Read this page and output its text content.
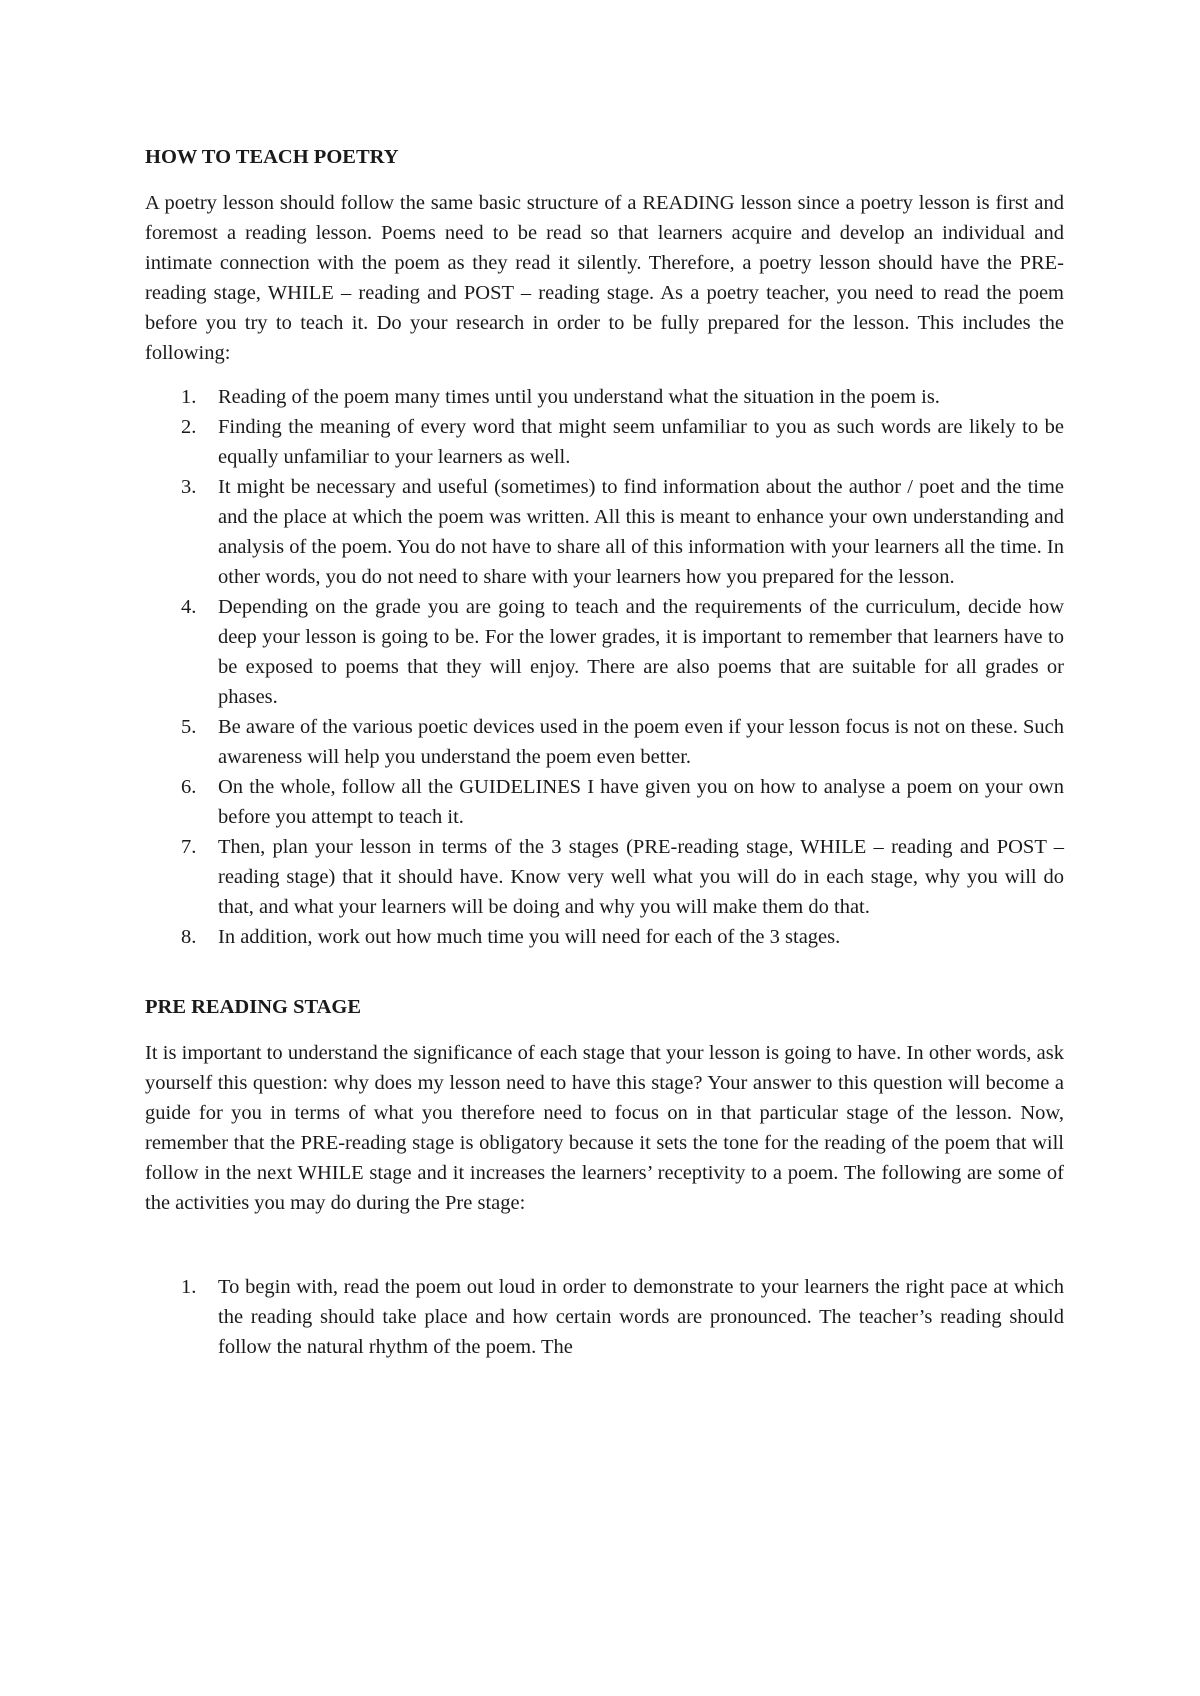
HOW TO TEACH POETRY

A poetry lesson should follow the same basic structure of a READING lesson since a poetry lesson is first and foremost a reading lesson. Poems need to be read so that learners acquire and develop an individual and intimate connection with the poem as they read it silently. Therefore, a poetry lesson should have the PRE-reading stage, WHILE – reading and POST – reading stage. As a poetry teacher, you need to read the poem before you try to teach it. Do your research in order to be fully prepared for the lesson. This includes the following:

1. Reading of the poem many times until you understand what the situation in the poem is.
2. Finding the meaning of every word that might seem unfamiliar to you as such words are likely to be equally unfamiliar to your learners as well.
3. It might be necessary and useful (sometimes) to find information about the author / poet and the time and the place at which the poem was written. All this is meant to enhance your own understanding and analysis of the poem. You do not have to share all of this information with your learners all the time. In other words, you do not need to share with your learners how you prepared for the lesson.
4. Depending on the grade you are going to teach and the requirements of the curriculum, decide how deep your lesson is going to be. For the lower grades, it is important to remember that learners have to be exposed to poems that they will enjoy. There are also poems that are suitable for all grades or phases.
5. Be aware of the various poetic devices used in the poem even if your lesson focus is not on these. Such awareness will help you understand the poem even better.
6. On the whole, follow all the GUIDELINES I have given you on how to analyse a poem on your own before you attempt to teach it.
7. Then, plan your lesson in terms of the 3 stages (PRE-reading stage, WHILE – reading and POST – reading stage) that it should have. Know very well what you will do in each stage, why you will do that, and what your learners will be doing and why you will make them do that.
8. In addition, work out how much time you will need for each of the 3 stages.
PRE READING STAGE

It is important to understand the significance of each stage that your lesson is going to have. In other words, ask yourself this question: why does my lesson need to have this stage? Your answer to this question will become a guide for you in terms of what you therefore need to focus on in that particular stage of the lesson. Now, remember that the PRE-reading stage is obligatory because it sets the tone for the reading of the poem that will follow in the next WHILE stage and it increases the learners’ receptivity to a poem. The following are some of the activities you may do during the Pre stage:

1. To begin with, read the poem out loud in order to demonstrate to your learners the right pace at which the reading should take place and how certain words are pronounced. The teacher’s reading should follow the natural rhythm of the poem. The
